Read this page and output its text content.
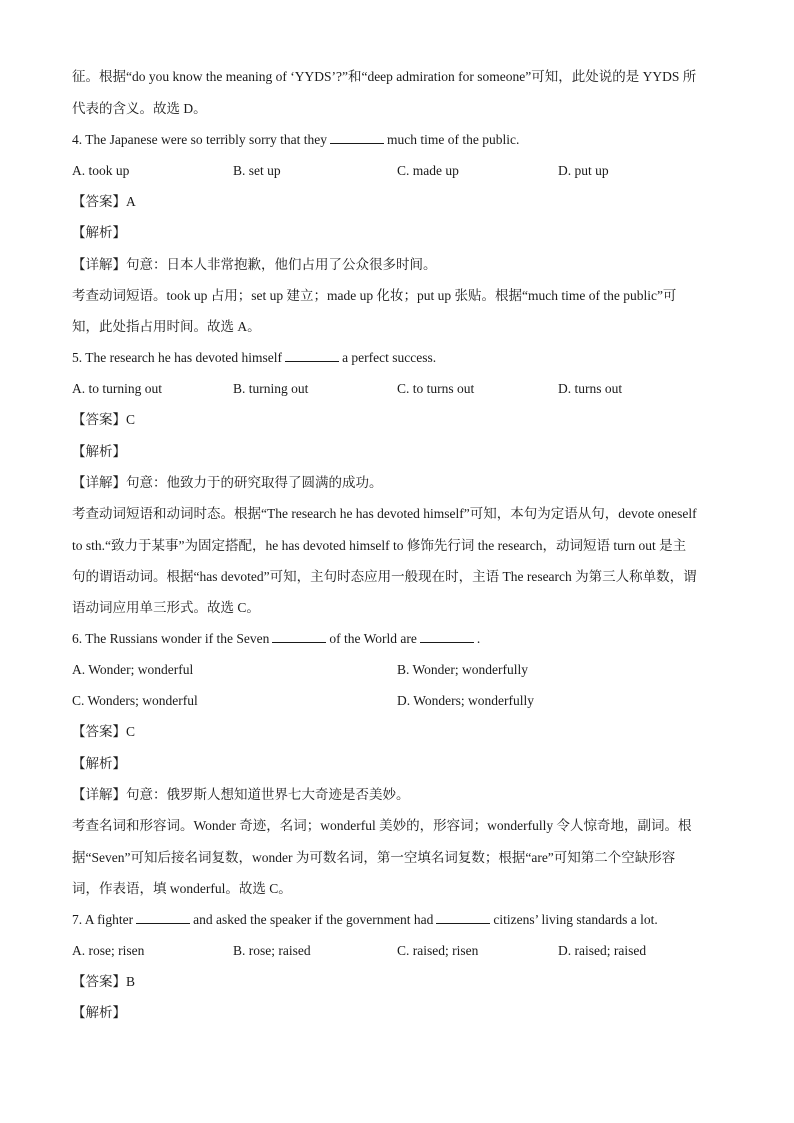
征。根据“do you know the meaning of ‘YYDS’?”和“deep admiration for someone”可知，此处说的是 YYDS 所
代表的含义。故选 D。
4. The Japanese were so terribly sorry that they	much time of the public.
A. took up	B. set up	C. made up	D. put up
【答案】A
【解析】
【详解】句意：日本人非常抱歉，他们占用了公众很多时间。
考查动词短语。took up 占用；set up 建立；made up 化妆；put up 张贴。根据“much time of the public”可
知，此处指占用时间。故选 A。
5. The research he has devoted himself	a perfect success.
A. to turning out	B. turning out	C. to turns out	D. turns out
【答案】C
【解析】
【详解】句意：他致力于的研究取得了圆满的成功。
考查动词短语和动词时态。根据“The research he has devoted himself”可知，本句为定语从句，devote oneself
to sth.“致力于某事”为固定搭配，he has devoted himself to 修饰先行词 the research，动词短语 turn out 是主
句的谓语动词。根据“has devoted”可知，主句时态应用一般现在时，主语 The research 为第三人称单数，谓
语动词应用单三形式。故选 C。
6. The Russians wonder if the Seven	of the World are	.
A. Wonder; wonderful	B. Wonder; wonderfully
C. Wonders; wonderful	D. Wonders; wonderfully
【答案】C
【解析】
【详解】句意：俄罗斯人想知道世界七大奇迹是否美妙。
考查名词和形容词。Wonder 奇迹，名词；wonderful 美妙的，形容词；wonderfully 令人惊奇地，副词。根
据“Seven”可知后接名词复数，wonder 为可数名词，第一空填名词复数；根据“are”可知第二个空缺形容
词，作表语，填 wonderful。故选 C。
7. A fighter	and asked the speaker if the government had	citizens’ living standards a lot.
A. rose; risen	B. rose; raised	C. raised; risen	D. raised; raised
【答案】B
【解析】
